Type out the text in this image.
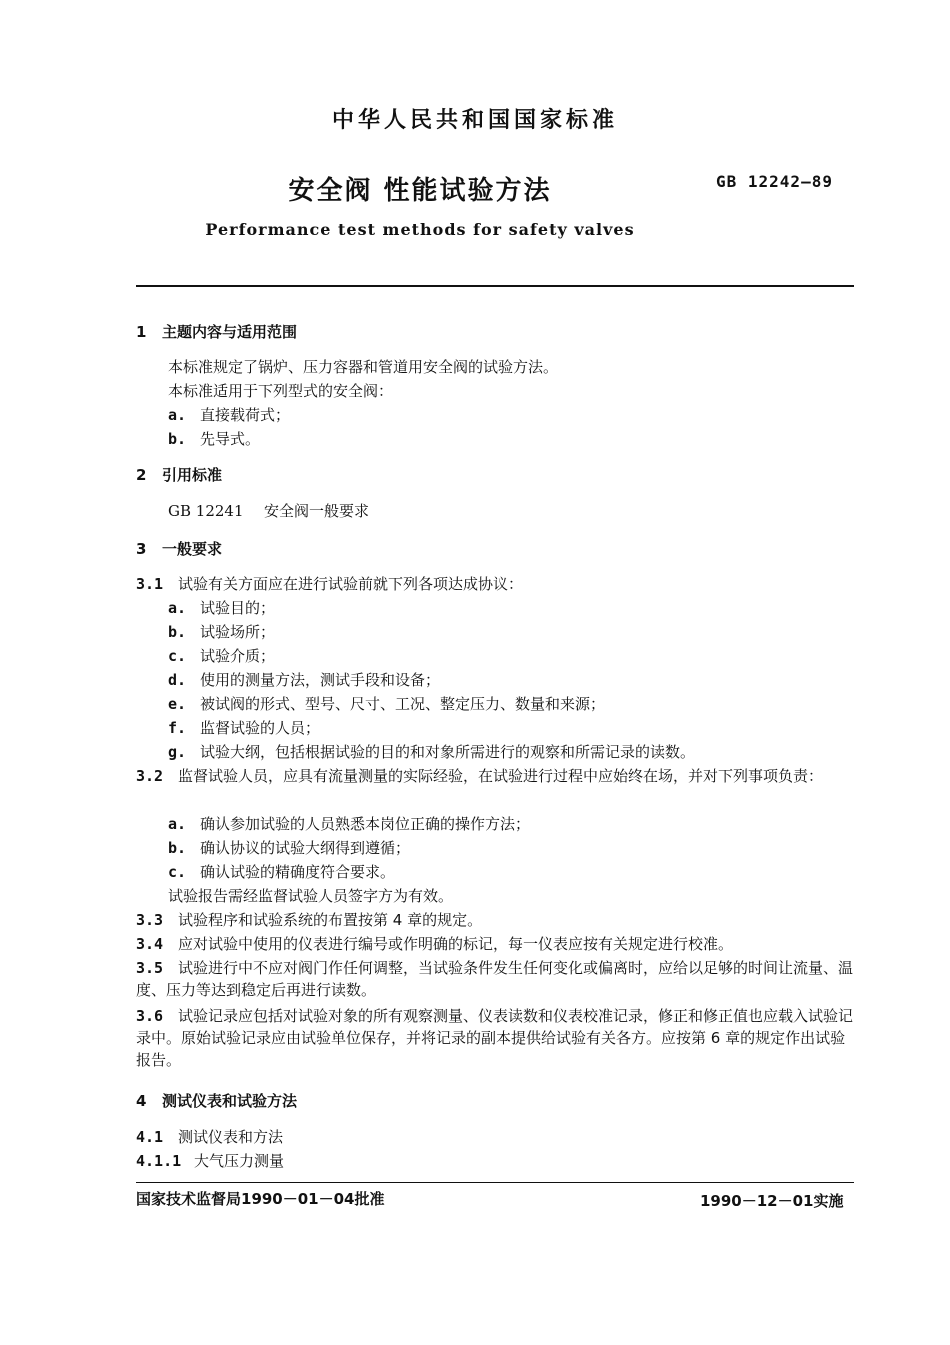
中华人民共和国国家标准
安全阀 性能试验方法	GB 12242—89
Performance test methods for safety valves
1 主题内容与适用范围
本标准规定了锅炉、压力容器和管道用安全阀的试验方法。
本标准适用于下列型式的安全阀：
a. 直接载荷式；
b. 先导式。
2 引用标准
GB 12241 安全阀一般要求
3 一般要求
3.1 试验有关方面应在进行试验前就下列各项达成协议：
a. 试验目的；
b. 试验场所；
c. 试验介质；
d. 使用的测量方法，测试手段和设备；
e. 被试阀的形式、型号、尺寸、工况、整定压力、数量和来源；
f. 监督试验的人员；
g. 试验大纲，包括根据试验的目的和对象所需进行的观察和所需记录的读数。
3.2 监督试验人员，应具有流量测量的实际经验，在试验进行过程中应始终在场，并对下列事项负责：
a. 确认参加试验的人员熟悉本岗位正确的操作方法；
b. 确认协议的试验大纲得到遵循；
c. 确认试验的精确度符合要求。
试验报告需经监督试验人员签字方为有效。
3.3 试验程序和试验系统的布置按第 4 章的规定。
3.4 应对试验中使用的仪表进行编号或作明确的标记，每一仪表应按有关规定进行校准。
3.5 试验进行中不应对阀门作任何调整，当试验条件发生任何变化或偏离时，应给以足够的时间让流量、温度、压力等达到稳定后再进行读数。
3.6 试验记录应包括对试验对象的所有观察测量、仪表读数和仪表校准记录，修正和修正值也应载入试验记录中。原始试验记录应由试验单位保存，并将记录的副本提供给试验有关各方。应按第 6 章的规定作出试验报告。
4 测试仪表和试验方法
4.1 测试仪表和方法
4.1.1 大气压力测量
国家技术监督局1990－01－04批准	1990－12－01实施
